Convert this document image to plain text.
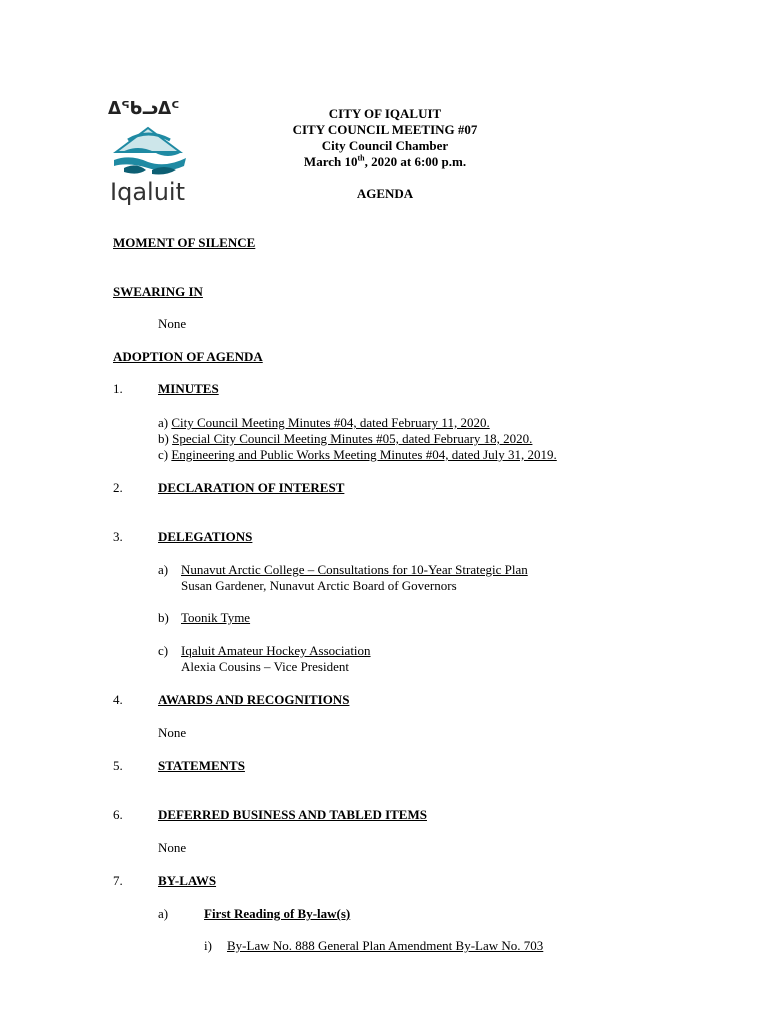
ᐃᖃᓗᐃᑦ
Iqaluit
CITY OF IQALUIT
CITY COUNCIL MEETING #07
City Council Chamber
March 10th, 2020 at 6:00 p.m.
AGENDA
MOMENT OF SILENCE
SWEARING IN
None
ADOPTION OF AGENDA
1.	MINUTES
a) City Council Meeting Minutes #04, dated February 11, 2020.
b) Special City Council Meeting Minutes #05, dated February 18, 2020.
c) Engineering and Public Works Meeting Minutes #04, dated July 31, 2019.
2.	DECLARATION OF INTEREST
3.	DELEGATIONS
a) Nunavut Arctic College – Consultations for 10-Year Strategic Plan
Susan Gardener, Nunavut Arctic Board of Governors
b) Toonik Tyme
c) Iqaluit Amateur Hockey Association
Alexia Cousins – Vice President
4.	AWARDS AND RECOGNITIONS
None
5.	STATEMENTS
6.	DEFERRED BUSINESS AND TABLED ITEMS
None
7.	BY-LAWS
a)	First Reading of By-law(s)
i) By-Law No. 888 General Plan Amendment By-Law No. 703
